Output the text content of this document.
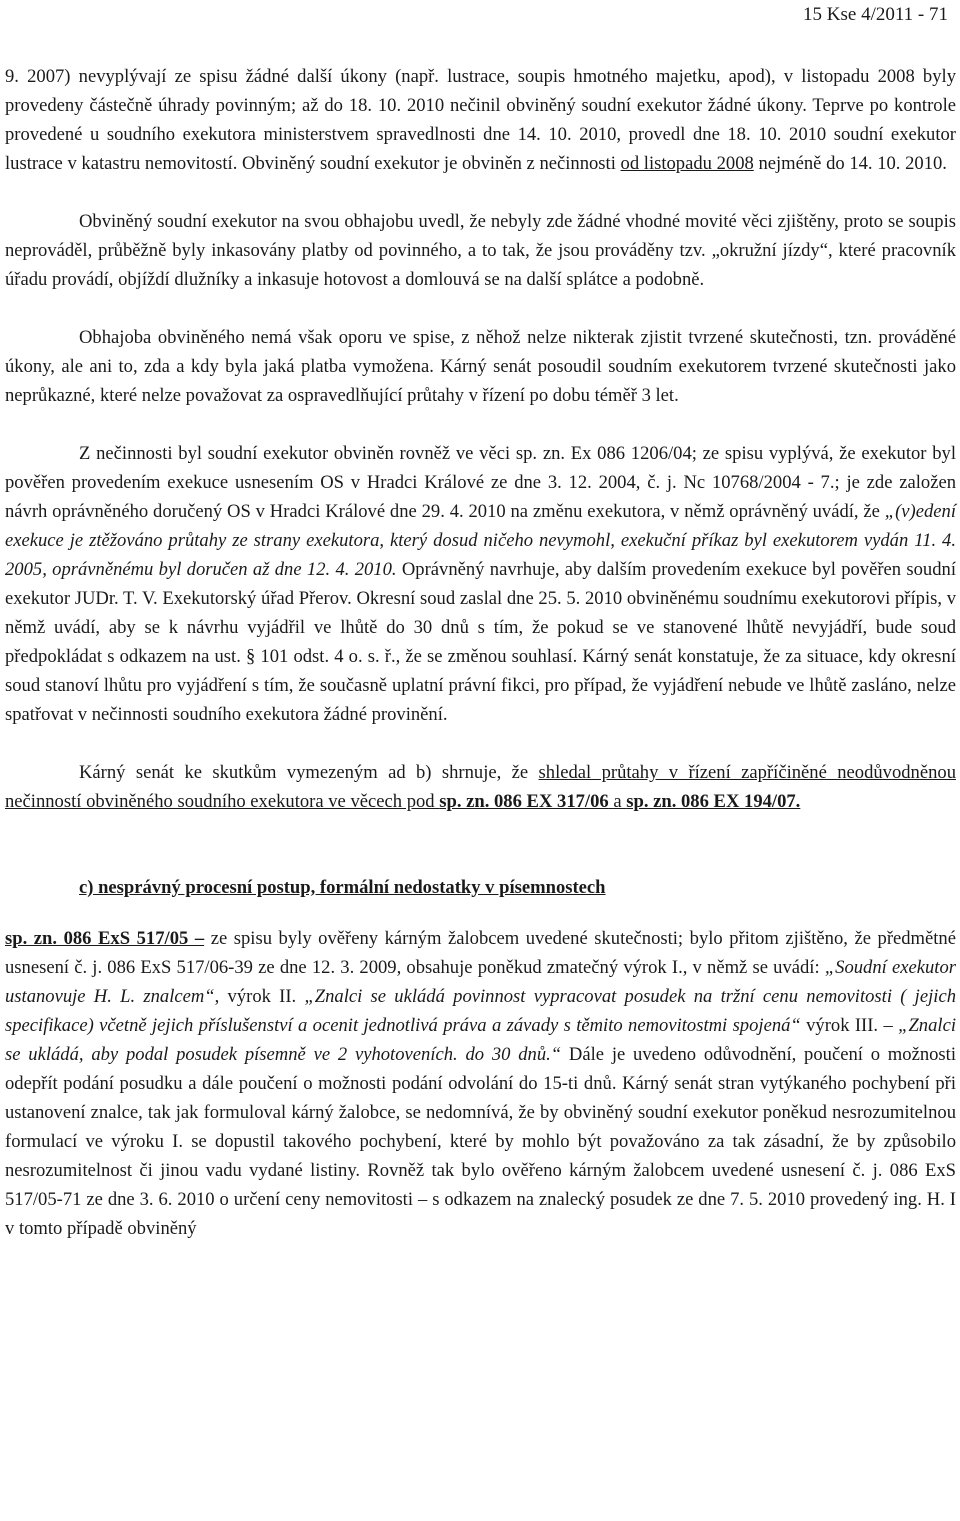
15 Kse 4/2011 - 71

9. 2007) nevyplývají ze spisu žádné další úkony (např. lustrace, soupis hmotného majetku, apod), v listopadu 2008 byly provedeny částečně úhrady povinným; až do 18. 10. 2010 nečinil obviněný soudní exekutor žádné úkony. Teprve po kontrole provedené u soudního exekutora ministerstvem spravedlnosti dne 14. 10. 2010, provedl dne 18. 10. 2010 soudní exekutor lustrace v katastru nemovitostí. Obviněný soudní exekutor je obviněn z nečinnosti od listopadu 2008 nejméně do 14. 10. 2010.

Obviněný soudní exekutor na svou obhajobu uvedl, že nebyly zde žádné vhodné movité věci zjištěny, proto se soupis neprováděl, průběžně byly inkasovány platby od povinného, a to tak, že jsou prováděny tzv. „okružní jízdy“, které pracovník úřadu provádí, objíždí dlužníky a inkasuje hotovost a domlouvá se na další splátce a podobně.

Obhajoba obviněného nemá však oporu ve spise, z něhož nelze nikterak zjistit tvrzené skutečnosti, tzn. prováděné úkony, ale ani to, zda a kdy byla jaká platba vymožena. Kárný senát posoudil soudním exekutorem tvrzené skutečnosti jako neprůkazné, které nelze považovat za ospravedlňující průtahy v řízení po dobu téměř 3 let.

Z nečinnosti byl soudní exekutor obviněn rovněž ve věci sp. zn. Ex 086 1206/04; ze spisu vyplývá, že exekutor byl pověřen provedením exekuce usnesením OS v Hradci Králové ze dne 3. 12. 2004, č. j. Nc 10768/2004 - 7.; je zde založen návrh oprávněného doručený OS v Hradci Králové dne 29. 4. 2010 na změnu exekutora, v němž oprávněný uvádí, že „(v)edení exekuce je ztěžováno průtahy ze strany exekutora, který dosud ničeho nevymohl, exekuční příkaz byl exekutorem vydán 11. 4. 2005, oprávněnému byl doručen až dne 12. 4. 2010. Oprávněný navrhuje, aby dalším provedením exekuce byl pověřen soudní exekutor JUDr. T. V. Exekutorský úřad Přerov. Okresní soud zaslal dne 25. 5. 2010 obviněnému soudnímu exekutorovi přípis, v němž uvádí, aby se k návrhu vyjádřil ve lhůtě do 30 dnů s tím, že pokud se ve stanovené lhůtě nevyjádří, bude soud předpokládat s odkazem na ust. § 101 odst. 4 o. s. ř., že se změnou souhlasí. Kárný senát konstatuje, že za situace, kdy okresní soud stanoví lhůtu pro vyjádření s tím, že současně uplatní právní fikci, pro případ, že vyjádření nebude ve lhůtě zasláno, nelze spatřovat v nečinnosti soudního exekutora žádné provinění.

Kárný senát ke skutkům vymezeným ad b) shrnuje, že shledal průtahy v řízení zapříčiněné neodůvodněnou nečinností obviněného soudního exekutora ve věcech pod sp. zn. 086 EX 317/06 a sp. zn. 086 EX 194/07.

c) nesprávný procesní postup, formální nedostatky v písemnostech

sp. zn. 086 ExS 517/05 – ze spisu byly ověřeny kárným žalobcem uvedené skutečnosti; bylo přitom zjištěno, že předmětné usnesení č. j. 086 ExS 517/06-39 ze dne 12. 3. 2009, obsahuje poněkud zmatečný výrok I., v němž se uvádí: „Soudní exekutor ustanovuje H. L. znalcem“, výrok II. „Znalci se ukládá povinnost vypracovat posudek na tržní cenu nemovitosti ( jejich specifikace) včetně jejich příslušenství a ocenit jednotlivá práva a závady s těmito nemovitostmi spojená“ výrok III. – „Znalci se ukládá, aby podal posudek písemně ve 2 vyhotoveních. do 30 dnů.“ Dále je uvedeno odůvodnění, poučení o možnosti odepřít podání posudku a dále poučení o možnosti podání odvolání do 15-ti dnů. Kárný senát stran vytýkaného pochybení při ustanovení znalce, tak jak formuloval kárný žalobce, se nedomnívá, že by obviněný soudní exekutor poněkud nesrozumitelnou formulací ve výroku I. se dopustil takového pochybení, které by mohlo být považováno za tak zásadní, že by způsobilo nesrozumitelnost či jinou vadu vydané listiny. Rovněž tak bylo ověřeno kárným žalobcem uvedené usnesení č. j. 086 ExS 517/05-71 ze dne 3. 6. 2010 o určení ceny nemovitosti – s odkazem na znalecký posudek ze dne 7. 5. 2010 provedený ing. H. I v tomto případě obviněný
